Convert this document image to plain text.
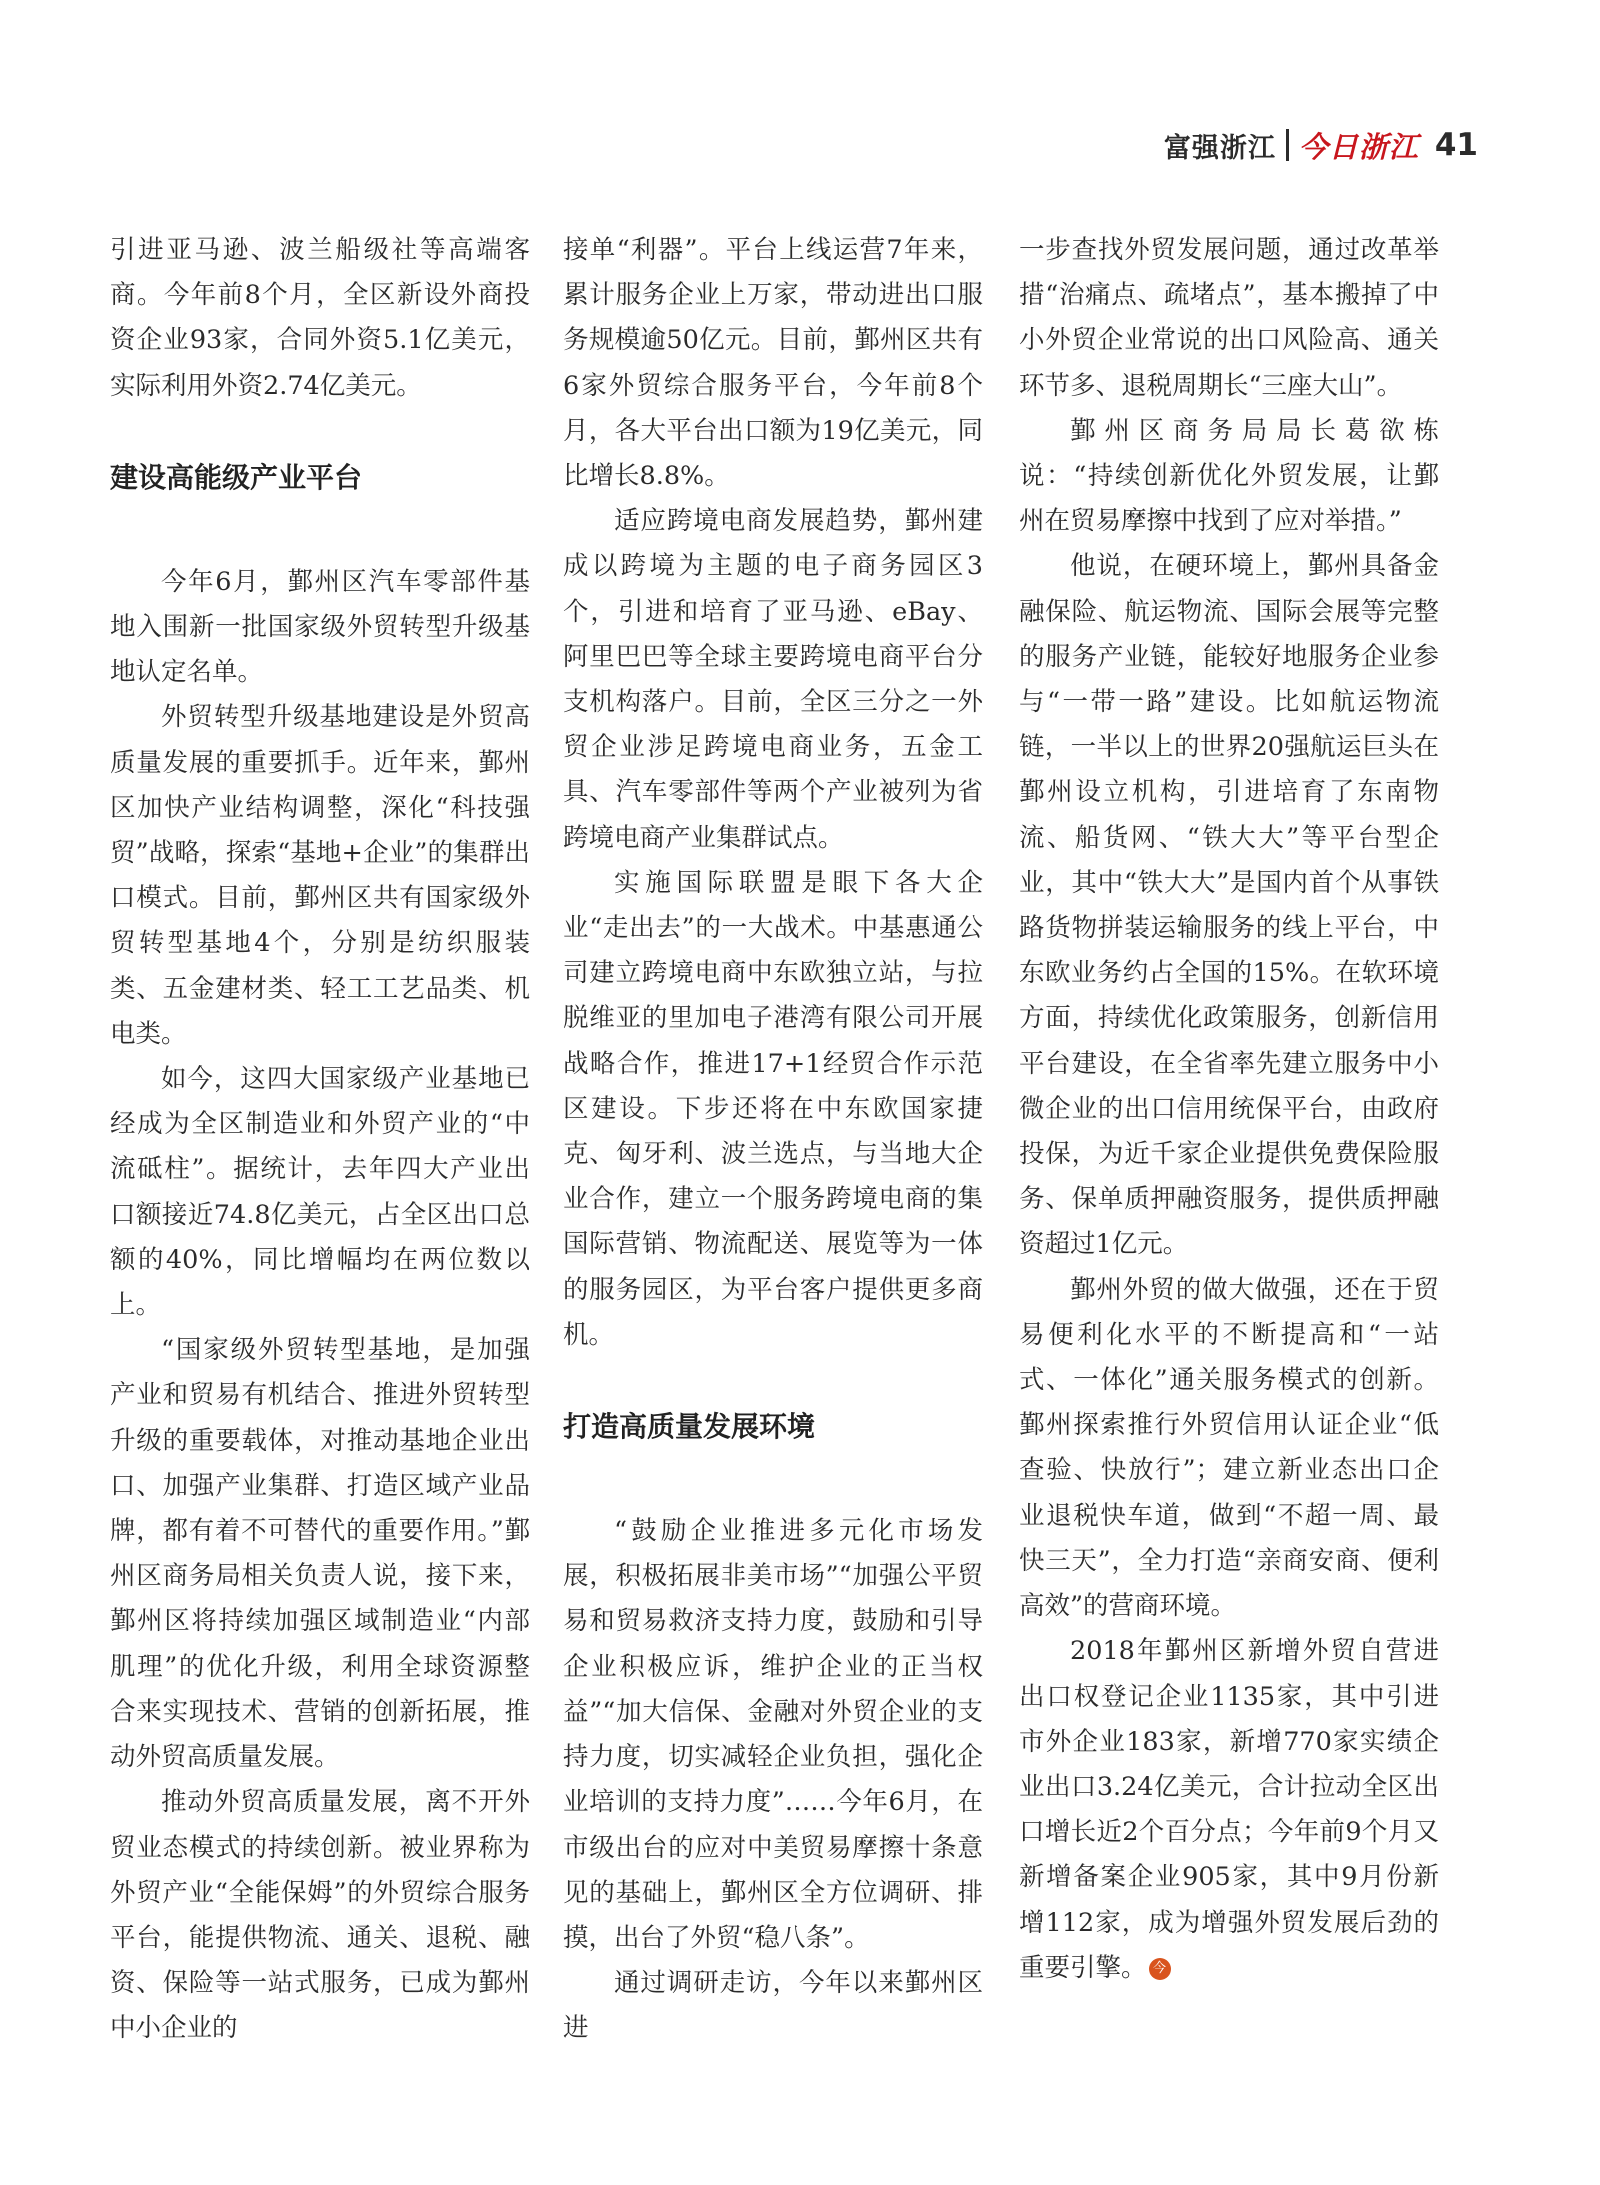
富强浙江 今日浙江 41

引进亚马逊、波兰船级社等高端客商。今年前8个月，全区新设外商投资企业93家，合同外资5.1亿美元，实际利用外资2.74亿美元。

建设高能级产业平台

今年6月，鄞州区汽车零部件基地入围新一批国家级外贸转型升级基地认定名单。

外贸转型升级基地建设是外贸高质量发展的重要抓手。近年来，鄞州区加快产业结构调整，深化“科技强贸”战略，探索“基地+企业”的集群出口模式。目前，鄞州区共有国家级外贸转型基地4个，分别是纺织服装类、五金建材类、轻工工艺品类、机电类。

如今，这四大国家级产业基地已经成为全区制造业和外贸产业的“中流砥柱”。据统计，去年四大产业出口额接近74.8亿美元，占全区出口总额的40%，同比增幅均在两位数以上。

“国家级外贸转型基地，是加强产业和贸易有机结合、推进外贸转型升级的重要载体，对推动基地企业出口、加强产业集群、打造区域产业品牌，都有着不可替代的重要作用。”鄞州区商务局相关负责人说，接下来，鄞州区将持续加强区域制造业“内部肌理”的优化升级，利用全球资源整合来实现技术、营销的创新拓展，推动外贸高质量发展。

推动外贸高质量发展，离不开外贸业态模式的持续创新。被业界称为外贸产业“全能保姆”的外贸综合服务平台，能提供物流、通关、退税、融资、保险等一站式服务，已成为鄞州中小企业的

接单“利器”。平台上线运营7年来，累计服务企业上万家，带动进出口服务规模逾50亿元。目前，鄞州区共有6家外贸综合服务平台，今年前8个月，各大平台出口额为19亿美元，同比增长8.8%。

适应跨境电商发展趋势，鄞州建成以跨境为主题的电子商务园区3个，引进和培育了亚马逊、eBay、阿里巴巴等全球主要跨境电商平台分支机构落户。目前，全区三分之一外贸企业涉足跨境电商业务，五金工具、汽车零部件等两个产业被列为省跨境电商产业集群试点。

实施国际联盟是眼下各大企业“走出去”的一大战术。中基惠通公司建立跨境电商中东欧独立站，与拉脱维亚的里加电子港湾有限公司开展战略合作，推进17+1经贸合作示范区建设。下步还将在中东欧国家捷克、匈牙利、波兰选点，与当地大企业合作，建立一个服务跨境电商的集国际营销、物流配送、展览等为一体的服务园区，为平台客户提供更多商机。

打造高质量发展环境

“鼓励企业推进多元化市场发展，积极拓展非美市场”“加强公平贸易和贸易救济支持力度，鼓励和引导企业积极应诉，维护企业的正当权益”“加大信保、金融对外贸企业的支持力度，切实减轻企业负担，强化企业培训的支持力度”……今年6月，在市级出台的应对中美贸易摩擦十条意见的基础上，鄞州区全方位调研、排摸，出台了外贸“稳八条”。

通过调研走访，今年以来鄞州区进

一步查找外贸发展问题，通过改革举措“治痛点、疏堵点”，基本搬掉了中小外贸企业常说的出口风险高、通关环节多、退税周期长“三座大山”。

鄞州区商务局局长葛欲栋说：“持续创新优化外贸发展，让鄞州在贸易摩擦中找到了应对举措。”

他说，在硬环境上，鄞州具备金融保险、航运物流、国际会展等完整的服务产业链，能较好地服务企业参与“一带一路”建设。比如航运物流链，一半以上的世界20强航运巨头在鄞州设立机构，引进培育了东南物流、船货网、“铁大大”等平台型企业，其中“铁大大”是国内首个从事铁路货物拼装运输服务的线上平台，中东欧业务约占全国的15%。在软环境方面，持续优化政策服务，创新信用平台建设，在全省率先建立服务中小微企业的出口信用统保平台，由政府投保，为近千家企业提供免费保险服务、保单质押融资服务，提供质押融资超过1亿元。

鄞州外贸的做大做强，还在于贸易便利化水平的不断提高和“一站式、一体化”通关服务模式的创新。鄞州探索推行外贸信用认证企业“低查验、快放行”；建立新业态出口企业退税快车道，做到“不超一周、最快三天”，全力打造“亲商安商、便利高效”的营商环境。

2018年鄞州区新增外贸自营进出口权登记企业1135家，其中引进市外企业183家，新增770家实绩企业出口3.24亿美元，合计拉动全区出口增长近2个百分点；今年前9个月又新增备案企业905家，其中9月份新增112家，成为增强外贸发展后劲的重要引擎。 今
